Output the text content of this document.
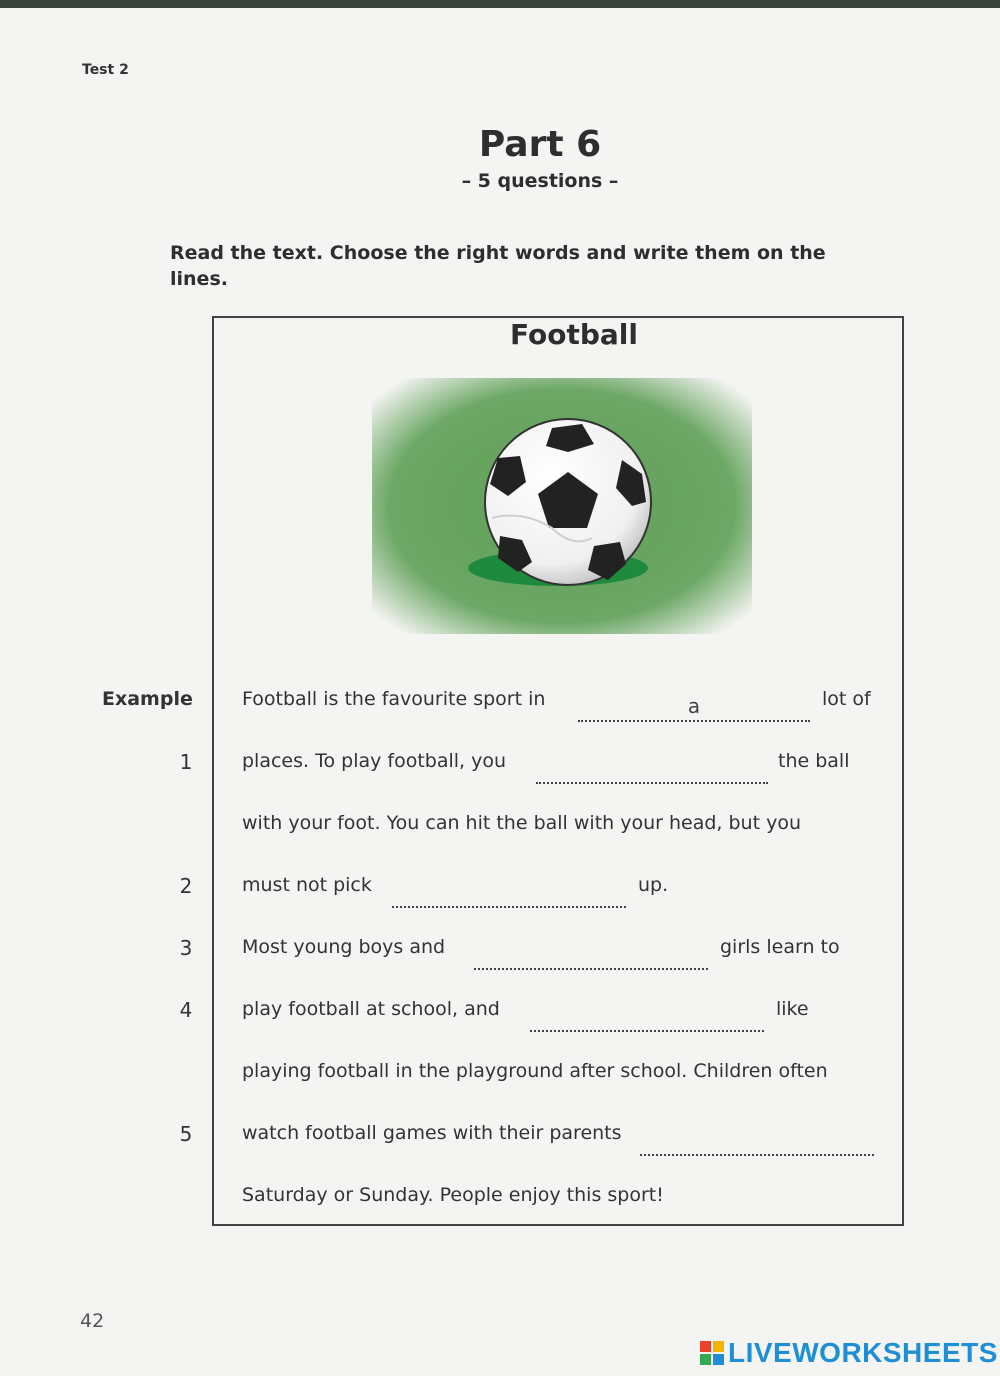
Test 2
Part 6
– 5 questions –
Read the text. Choose the right words and write them on the lines.
Football
Example	Football is the favourite sport in	a	lot of
1	places. To play football, you	the ball
with your foot. You can hit the ball with your head, but you
2	must not pick	up.
3	Most young boys and	girls learn to
4	play football at school, and	like
playing football in the playground after school. Children often
5	watch football games with their parents
Saturday or Sunday. People enjoy this sport!
42
LIVEWORKSHEETS
